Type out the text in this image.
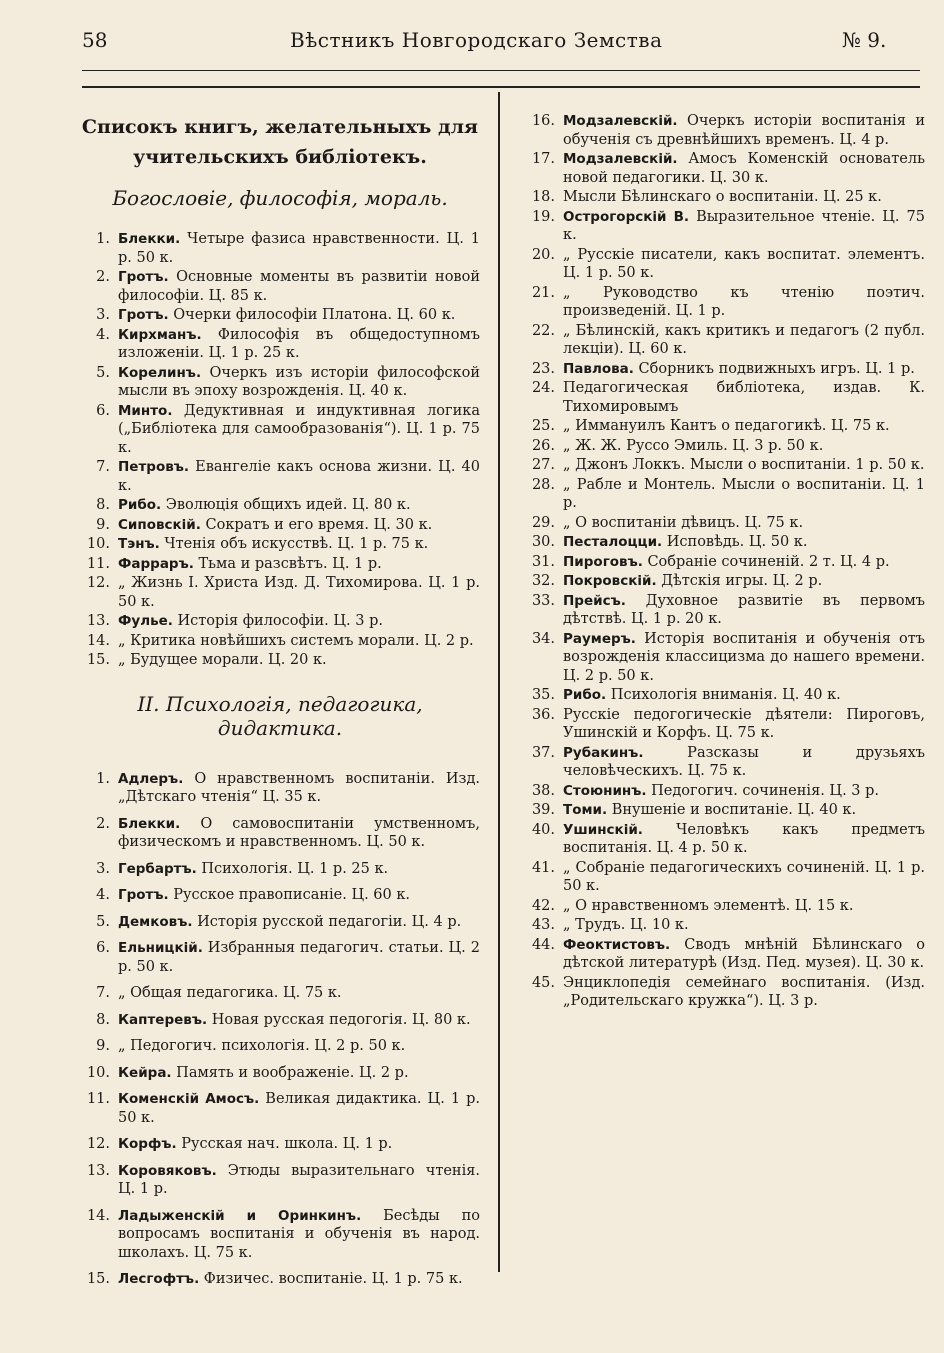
58	Вѣстникъ Новгородскаго Земства	№ 9.
Списокъ книгъ, желательныхъ для
учительскихъ библіотекъ.
Богословіе, философія, мораль.
1. Блекки. Четыре фазиса нравственности. Ц. 1 р. 50 к.
2. Гротъ. Основные моменты въ развитіи новой философіи. Ц. 85 к.
3. Гротъ. Очерки философіи Платона. Ц. 60 к.
4. Кирхманъ. Философія въ общедоступномъ изложеніи. Ц. 1 р. 25 к.
5. Корелинъ. Очеркъ изъ исторіи философской мысли въ эпоху возрожденія. Ц. 40 к.
6. Минто. Дедуктивная и индуктивная логика („Библіотека для самообразованія“). Ц. 1 р. 75 к.
7. Петровъ. Евангеліе какъ основа жизни. Ц. 40 к.
8. Рибо. Эволюція общихъ идей. Ц. 80 к.
9. Сиповскій. Сократъ и его время. Ц. 30 к.
10. Тэнъ. Чтенія объ искусствѣ. Ц. 1 р. 75 к.
11. Фарраръ. Тьма и разсвѣтъ. Ц. 1 р.
12. „ Жизнь І. Христа Изд. Д. Тихомирова. Ц. 1 р. 50 к.
13. Фулье. Исторія философіи. Ц. 3 р.
14. „ Критика новѣйшихъ системъ морали. Ц. 2 р.
15. „ Будущее морали. Ц. 20 к.
II. Психологія, педагогика, дидактика.
1. Адлеръ. О нравственномъ воспитаніи. Изд. „Дѣтскаго чтенія“ Ц. 35 к.
2. Блекки. О самовоспитаніи умственномъ, физическомъ и нравственномъ. Ц. 50 к.
3. Гербартъ. Психологія. Ц. 1 р. 25 к.
4. Гротъ. Русское правописаніе. Ц. 60 к.
5. Демковъ. Исторія русской педагогіи. Ц. 4 р.
6. Ельницкій. Избранныя педагогич. статьи. Ц. 2 р. 50 к.
7. „ Общая педагогика. Ц. 75 к.
8. Каптеревъ. Новая русская педогогія. Ц. 80 к.
9. „ Педогогич. психологія. Ц. 2 р. 50 к.
10. Кейра. Память и воображеніе. Ц. 2 р.
11. Коменскій Амосъ. Великая дидактика. Ц. 1 р. 50 к.
12. Корфъ. Русская нач. школа. Ц. 1 р.
13. Коровяковъ. Этюды выразительнаго чтенія. Ц. 1 р.
14. Ладыженскій и Оринкинъ. Бесѣды по вопросамъ воспитанія и обученія въ народ. школахъ. Ц. 75 к.
15. Лесгофтъ. Физичес. воспитаніе. Ц. 1 р. 75 к.
16. Модзалевскій. Очеркъ исторіи воспитанія и обученія съ древнѣйшихъ временъ. Ц. 4 р.
17. Модзалевскій. Амосъ Коменскій основатель новой педагогики. Ц. 30 к.
18. Мысли Бѣлинскаго о воспитаніи. Ц. 25 к.
19. Острогорскій В. Выразительное чтеніе. Ц. 75 к.
20. „ Русскіе писатели, какъ воспитат. элементъ. Ц. 1 р. 50 к.
21. „ Руководство къ чтенію поэтич. произведеній. Ц. 1 р.
22. „ Бѣлинскій, какъ критикъ и педагогъ (2 публ. лекціи). Ц. 60 к.
23. Павлова. Сборникъ подвижныхъ игръ. Ц. 1 р.
24. Педагогическая библіотека, издав. К. Тихомировымъ
25. „ Иммануилъ Кантъ о педагогикѣ. Ц. 75 к.
26. „ Ж. Ж. Руссо Эмиль. Ц. 3 р. 50 к.
27. „ Джонъ Локкъ. Мысли о воспитаніи. 1 р. 50 к.
28. „ Рабле и Монтель. Мысли о воспитаніи. Ц. 1 р.
29. „ О воспитаніи дѣвицъ. Ц. 75 к.
30. Песталоцци. Исповѣдь. Ц. 50 к.
31. Пироговъ. Собраніе сочиненій. 2 т. Ц. 4 р.
32. Покровскій. Дѣтскія игры. Ц. 2 р.
33. Прейсъ. Духовное развитіе въ первомъ дѣтствѣ. Ц. 1 р. 20 к.
34. Раумеръ. Исторія воспитанія и обученія отъ возрожденія классицизма до нашего времени. Ц. 2 р. 50 к.
35. Рибо. Психологія вниманія. Ц. 40 к.
36. Русскіе педогогическіе дѣятели: Пироговъ, Ушинскій и Корфъ. Ц. 75 к.
37. Рубакинъ. Разсказы и друзьяхъ человѣческихъ. Ц. 75 к.
38. Стоюнинъ. Педогогич. сочиненія. Ц. 3 р.
39. Томи. Внушеніе и воспитаніе. Ц. 40 к.
40. Ушинскій. Человѣкъ какъ предметъ воспитанія. Ц. 4 р. 50 к.
41. „ Собраніе педагогическихъ сочиненій. Ц. 1 р. 50 к.
42. „ О нравственномъ элементѣ. Ц. 15 к.
43. „ Трудъ. Ц. 10 к.
44. Феоктистовъ. Сводъ мнѣній Бѣлинскаго о дѣтской литературѣ (Изд. Пед. музея). Ц. 30 к.
45. Энциклопедія семейнаго воспитанія. (Изд. „Родительскаго кружка“). Ц. 3 р.
